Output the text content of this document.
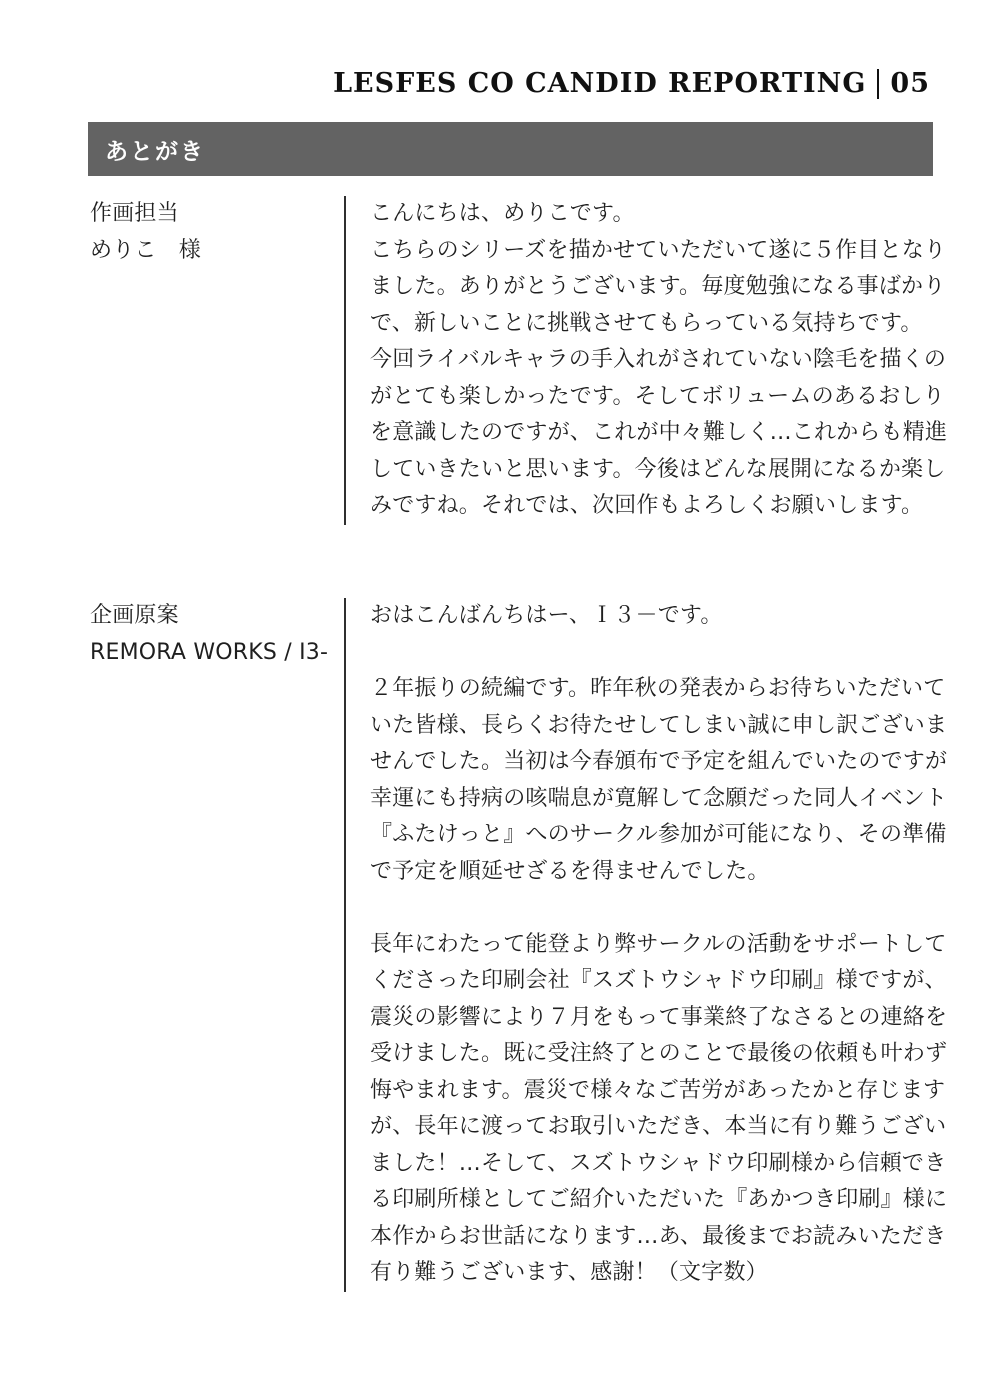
LESFES CO CANDID REPORTING 05
あとがき
作画担当
めりこ　様
こんにちは、めりこです。
こちらのシリーズを描かせていただいて遂に５作目となり
ました。ありがとうございます。毎度勉強になる事ばかり
で、新しいことに挑戦させてもらっている気持ちです。
今回ライバルキャラの手入れがされていない陰毛を描くの
がとても楽しかったです。そしてボリュームのあるおしり
を意識したのですが、これが中々難しく…これからも精進
していきたいと思います。今後はどんな展開になるか楽し
みですね。それでは、次回作もよろしくお願いします。
企画原案
REMORA WORKS / I3-
おはこんばんちはー、Ｉ３－です。
２年振りの続編です。昨年秋の発表からお待ちいただいて
いた皆様、長らくお待たせしてしまい誠に申し訳ございま
せんでした。当初は今春頒布で予定を組んでいたのですが
幸運にも持病の咳喘息が寛解して念願だった同人イベント
『ふたけっと』へのサークル参加が可能になり、その準備
で予定を順延せざるを得ませんでした。
長年にわたって能登より弊サークルの活動をサポートして
くださった印刷会社『スズトウシャドウ印刷』様ですが、
震災の影響により７月をもって事業終了なさるとの連絡を
受けました。既に受注終了とのことで最後の依頼も叶わず
悔やまれます。震災で様々なご苦労があったかと存じます
が、長年に渡ってお取引いただき、本当に有り難うござい
ました！…そして、スズトウシャドウ印刷様から信頼でき
る印刷所様としてご紹介いただいた『あかつき印刷』様に
本作からお世話になります…あ、最後までお読みいただき
有り難うございます、感謝！（文字数）
